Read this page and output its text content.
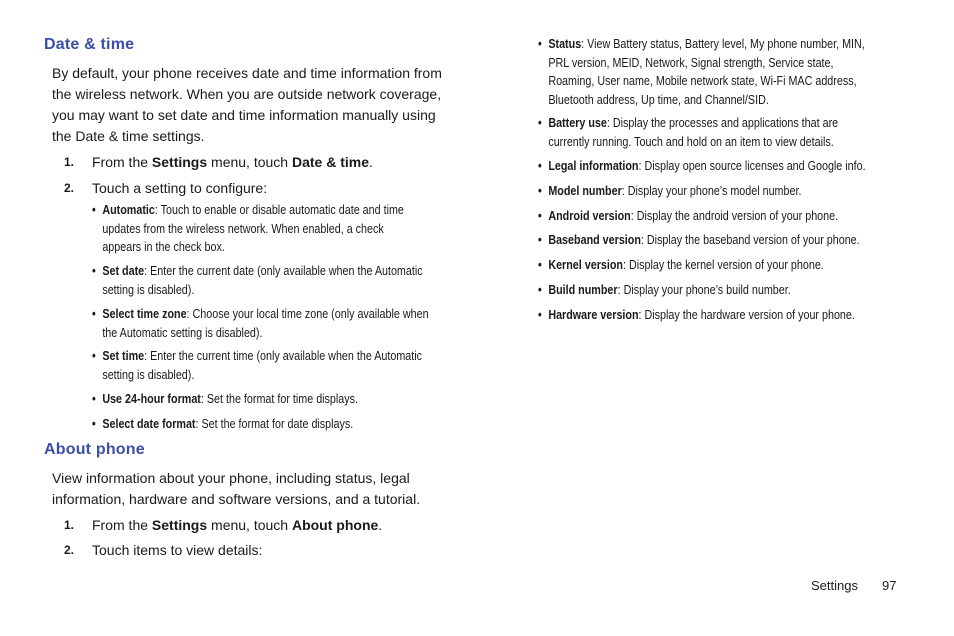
Date & time

By default, your phone receives date and time information from
the wireless network. When you are outside network coverage,
you may want to set date and time information manually using
the Date & time settings.

1. From the Settings menu, touch Date & time.
2. Touch a setting to configure:
• Automatic: Touch to enable or disable automatic date and time
updates from the wireless network. When enabled, a check
appears in the check box.
• Set date: Enter the current date (only available when the Automatic
setting is disabled).
• Select time zone: Choose your local time zone (only available when
the Automatic setting is disabled).
• Set time: Enter the current time (only available when the Automatic
setting is disabled).
• Use 24-hour format: Set the format for time displays.
• Select date format: Set the format for date displays.
About phone

View information about your phone, including status, legal
information, hardware and software versions, and a tutorial.

1. From the Settings menu, touch About phone.
2. Touch items to view details:
• Status: View Battery status, Battery level, My phone number, MIN,
PRL version, MEID, Network, Signal strength, Service state,
Roaming, User name, Mobile network state, Wi-Fi MAC address,
Bluetooth address, Up time, and Channel/SID.
• Battery use: Display the processes and applications that are
currently running. Touch and hold on an item to view details.
• Legal information: Display open source licenses and Google info.
• Model number: Display your phone’s model number.
• Android version: Display the android version of your phone.
• Baseband version: Display the baseband version of your phone.
• Kernel version: Display the kernel version of your phone.
• Build number: Display your phone’s build number.
• Hardware version: Display the hardware version of your phone.
Settings 97
